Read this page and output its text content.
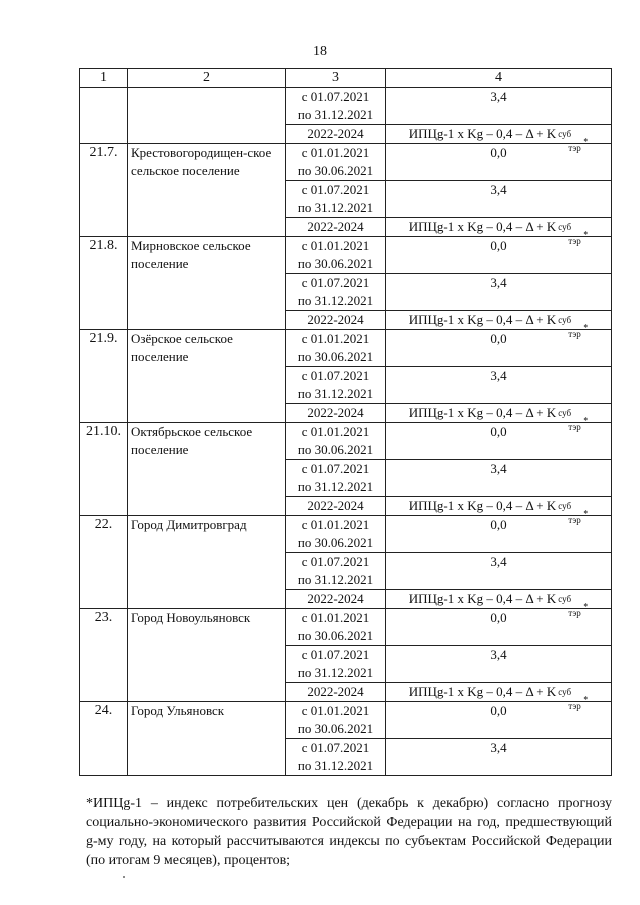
18
1	2	3	4
		с 01.07.2021
по 31.12.2021	3,4
		2022-2024	ИПЦg-1 x Kg – 0,4 – Δ + K суб
тэр *

21.7.	Крестовогородищен-ское сельское поселение	с 01.01.2021
по 30.06.2021	0,0
		с 01.07.2021
по 31.12.2021	3,4
		2022-2024	ИПЦg-1 x Kg – 0,4 – Δ + K суб
тэр *

21.8.	Мирновское сельское поселение	с 01.01.2021
по 30.06.2021	0,0
		с 01.07.2021
по 31.12.2021	3,4
		2022-2024	ИПЦg-1 x Kg – 0,4 – Δ + K суб
тэр *

21.9.	Озёрское сельское поселение	с 01.01.2021
по 30.06.2021	0,0
		с 01.07.2021
по 31.12.2021	3,4
		2022-2024	ИПЦg-1 x Kg – 0,4 – Δ + K суб
тэр *

21.10.	Октябрьское сельское поселение	с 01.01.2021
по 30.06.2021	0,0
		с 01.07.2021
по 31.12.2021	3,4
		2022-2024	ИПЦg-1 x Kg – 0,4 – Δ + K суб
тэр *

22.	Город Димитровград	с 01.01.2021
по 30.06.2021	0,0
		с 01.07.2021
по 31.12.2021	3,4
		2022-2024	ИПЦg-1 x Kg – 0,4 – Δ + K суб
тэр *

23.	Город Новоульяновск	с 01.01.2021
по 30.06.2021	0,0
		с 01.07.2021
по 31.12.2021	3,4
		2022-2024	ИПЦg-1 x Kg – 0,4 – Δ + K суб
тэр *

24.	Город Ульяновск	с 01.01.2021
по 30.06.2021	0,0
		с 01.07.2021
по 31.12.2021	3,4
*ИПЦg-1 – индекс потребительских цен (декабрь к декабрю) согласно прогнозу социально-экономического развития Российской Федерации на год, предшествующий g-му году, на который рассчитываются индексы по субъектам Российской Федерации (по итогам 9 месяцев), процентов;
